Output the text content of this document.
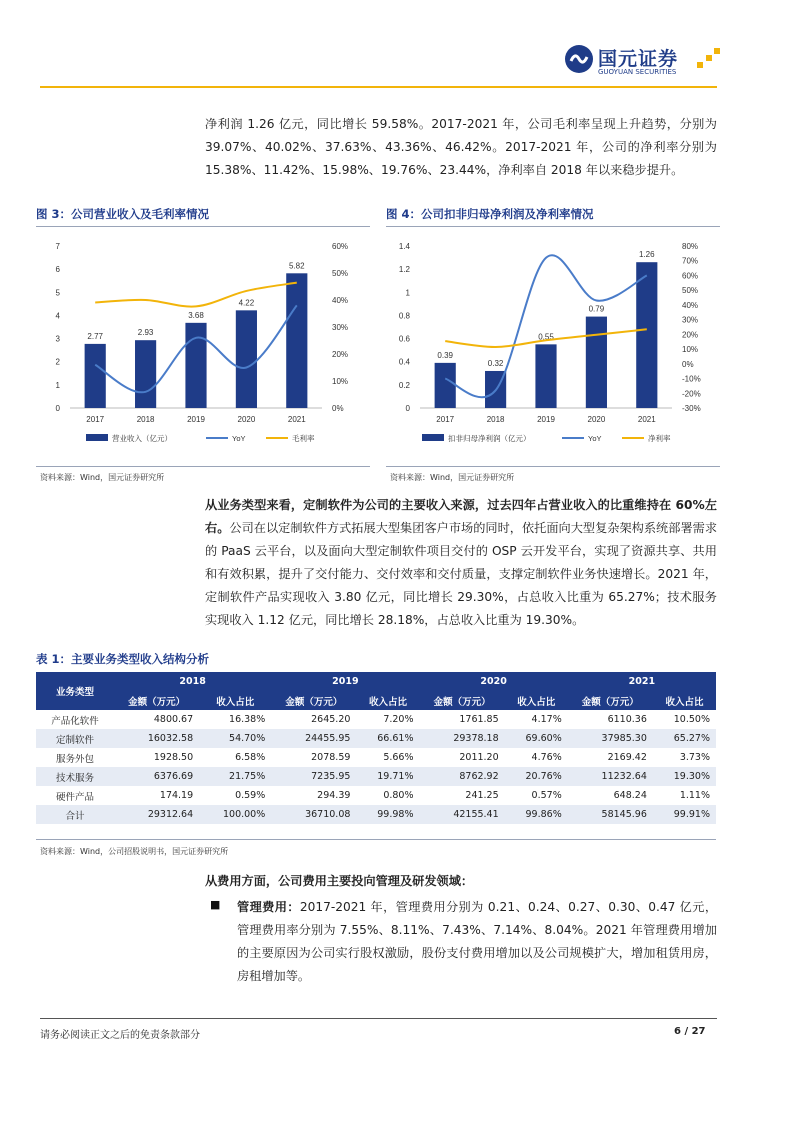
国元证券
GUOYUAN SECURITIES
净利润 1.26 亿元，同比增长 59.58%。2017-2021 年，公司毛利率呈现上升趋势，分别为 39.07%、40.02%、37.63%、43.36%、46.42%。2017-2021 年，公司的净利率分别为 15.38%、11.42%、15.98%、19.76%、23.44%，净利率自 2018 年以来稳步提升。
图 3：公司营业收入及毛利率情况
0
1
2
3
4
5
6
7
0%
10%
20%
30%
40%
50%
60%
2.77	2.93
3.68
4.22
5.82
2017	2018	2019	2020	2021
营业收入（亿元）	YoY	毛利率
资料来源：Wind，国元证券研究所
图 4：公司扣非归母净利润及净利率情况
0
0.2
0.4
0.6
0.8
1
1.2
1.4
-30%
-20%
-10%
0%
10%
20%
30%
40%
50%
60%
70%
80%
0.39
0.32
0.55
0.79
1.26
2017	2018	2019	2020	2021
扣非归母净利润（亿元）	YoY	净利率
资料来源：Wind，国元证券研究所
从业务类型来看，定制软件为公司的主要收入来源，过去四年占营业收入的比重维持在 60%左右。公司在以定制软件方式拓展大型集团客户市场的同时，依托面向大型复杂架构系统部署需求的 PaaS 云平台，以及面向大型定制软件项目交付的 OSP 云开发平台，实现了资源共享、共用和有效积累，提升了交付能力、交付效率和交付质量，支撑定制软件业务快速增长。2021 年，定制软件产品实现收入 3.80 亿元，同比增长 29.30%，占总收入比重为 65.27%；技术服务实现收入 1.12 亿元，同比增长 28.18%，占总收入比重为 19.30%。
表 1：主要业务类型收入结构分析
业务类型	2018		2019		2020		2021	
	金额（万元）	收入占比	金额（万元）	收入占比	金额（万元）	收入占比	金额（万元）	收入占比
产品化软件	4800.67	16.38%	2645.20	7.20%	1761.85	4.17%	6110.36	10.50%
定制软件	16032.58	54.70%	24455.95	66.61%	29378.18	69.60%	37985.30	65.27%
服务外包	1928.50	6.58%	2078.59	5.66%	2011.20	4.76%	2169.42	3.73%
技术服务	6376.69	21.75%	7235.95	19.71%	8762.92	20.76%	11232.64	19.30%
硬件产品	174.19	0.59%	294.39	0.80%	241.25	0.57%	648.24	1.11%
合计	29312.64	100.00%	36710.08	99.98%	42155.41	99.86%	58145.96	99.91%
资料来源：Wind，公司招股说明书，国元证券研究所
从费用方面，公司费用主要投向管理及研发领域：
■ 管理费用：2017-2021 年，管理费用分别为 0.21、0.24、0.27、0.30、0.47 亿元，管理费用率分别为 7.55%、8.11%、7.43%、7.14%、8.04%。2021 年管理费用增加的主要原因为公司实行股权激励，股份支付费用增加以及公司规模扩大，增加租赁用房，房租增加等。
请务必阅读正文之后的免责条款部分	6 / 27
